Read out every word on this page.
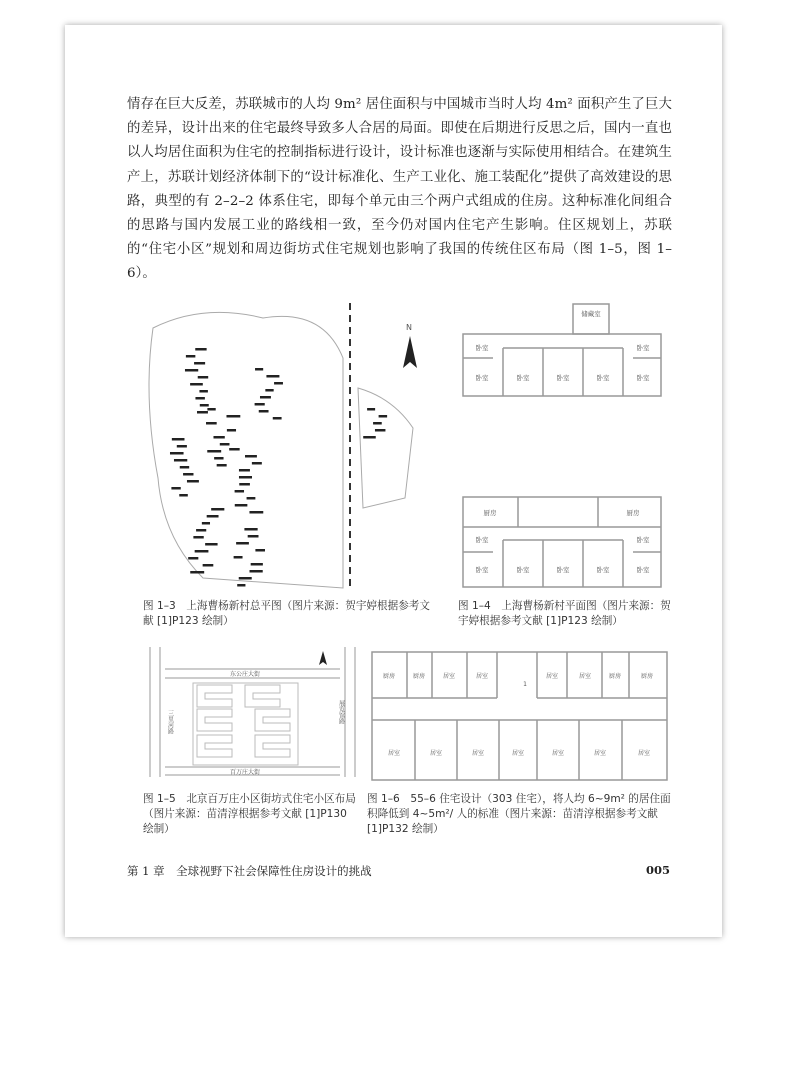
情存在巨大反差，苏联城市的人均 9m² 居住面积与中国城市当时人均 4m² 面积产生了巨大的差异，设计出来的住宅最终导致多人合居的局面。即使在后期进行反思之后，国内一直也以人均居住面积为住宅的控制指标进行设计，设计标准也逐渐与实际使用相结合。在建筑生产上，苏联计划经济体制下的“设计标准化、生产工业化、施工装配化”提供了高效建设的思路，典型的有 2–2–2 体系住宅，即每个单元由三个两户式组成的住房。这种标准化间组合的思路与国内发展工业的路线相一致，至今仍对国内住宅产生影响。住区规划上，苏联的“住宅小区”规划和周边街坊式住宅规划也影响了我国的传统住区布局（图 1–5，图 1–6）。

N
图 1–3　上海曹杨新村总平图（图片来源：贺宇婷根据参考文献 [1]P123 绘制）
储藏室
卧室	卧室
卧室	卧室	卧室	卧室	卧室
厨房	厨房
卧室	卧室
卧室	卧室	卧室	卧室	卧室
图 1–4　上海曹杨新村平面图（图片来源：贺宇婷根据参考文献 [1]P123 绘制）
东公庄大街
百万庄大街
三里河路	展览馆路
图 1–5　北京百万庄小区街坊式住宅小区布局（图片来源：苗清淳根据参考文献 [1]P130 绘制）
厨房	厨房	居室	居室
1
居室	居室	厨房	厨房
居室	居室	居室	居室	居室	居室	居室
图 1–6　55–6 住宅设计（303 住宅），将人均 6~9m² 的居住面积降低到 4~5m²/ 人的标准（图片来源：苗清淳根据参考文献 [1]P132 绘制）
第 1 章　全球视野下社会保障性住房设计的挑战	005
